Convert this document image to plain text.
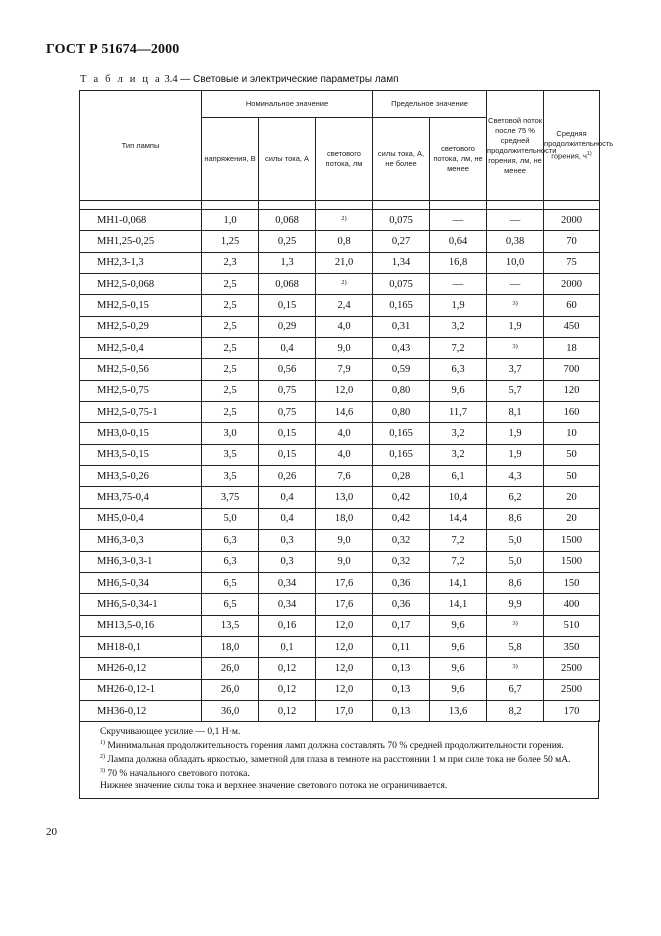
ГОСТ Р 51674—2000
Т а б л и ц а 3.4 — Световые и электрические параметры ламп
Тип лампы	Номинальное значение			Предельное значение		Световой поток после 75 % средней продолжительности горения, лм, не менее	Средняя продолжительность горения, $ч^{1)}$
	напряжения, В	силы тока, А	светового потока, лм	силы тока, А, не более	светового потока, лм, не менее		

МН1-0,068	1,0	0,068	$^{2)}$	0,075	—	—	2000
МН1,25-0,25	1,25	0,25	0,8	0,27	0,64	0,38	70
МН2,3-1,3	2,3	1,3	21,0	1,34	16,8	10,0	75
МН2,5-0,068	2,5	0,068	$^{2)}$	0,075	—	—	2000
МН2,5-0,15	2,5	0,15	2,4	0,165	1,9	$^{3)}$	60
МН2,5-0,29	2,5	0,29	4,0	0,31	3,2	1,9	450
МН2,5-0,4	2,5	0,4	9,0	0,43	7,2	$^{3)}$	18
МН2,5-0,56	2,5	0,56	7,9	0,59	6,3	3,7	700
МН2,5-0,75	2,5	0,75	12,0	0,80	9,6	5,7	120
МН2,5-0,75-1	2,5	0,75	14,6	0,80	11,7	8,1	160
МН3,0-0,15	3,0	0,15	4,0	0,165	3,2	1,9	10
МН3,5-0,15	3,5	0,15	4,0	0,165	3,2	1,9	50
МН3,5-0,26	3,5	0,26	7,6	0,28	6,1	4,3	50
МН3,75-0,4	3,75	0,4	13,0	0,42	10,4	6,2	20
МН5,0-0,4	5,0	0,4	18,0	0,42	14,4	8,6	20
МН6,3-0,3	6,3	0,3	9,0	0,32	7,2	5,0	1500
МН6,3-0,3-1	6,3	0,3	9,0	0,32	7,2	5,0	1500
МН6,5-0,34	6,5	0,34	17,6	0,36	14,1	8,6	150
МН6,5-0,34-1	6,5	0,34	17,6	0,36	14,1	9,9	400
МН13,5-0,16	13,5	0,16	12,0	0,17	9,6	$^{3)}$	510
МН18-0,1	18,0	0,1	12,0	0,11	9,6	5,8	350
МН26-0,12	26,0	0,12	12,0	0,13	9,6	$^{3)}$	2500
МН26-0,12-1	26,0	0,12	12,0	0,13	9,6	6,7	2500
МН36-0,12	36,0	0,12	17,0	0,13	13,6	8,2	170

Скручивающее усилие — 0,1 Н·м.

$^{1)}$ Минимальная продолжительность горения ламп должна составлять 70 % средней продолжительности горения.

$^{2)}$ Лампа должна обладать яркостью, заметной для глаза в темноте на расстоянии 1 м при силе тока не более 50 мА.

$^{3)}$ 70 % начального светового потока.

Нижнее значение силы тока и верхнее значение светового потока не ограничивается.

20
